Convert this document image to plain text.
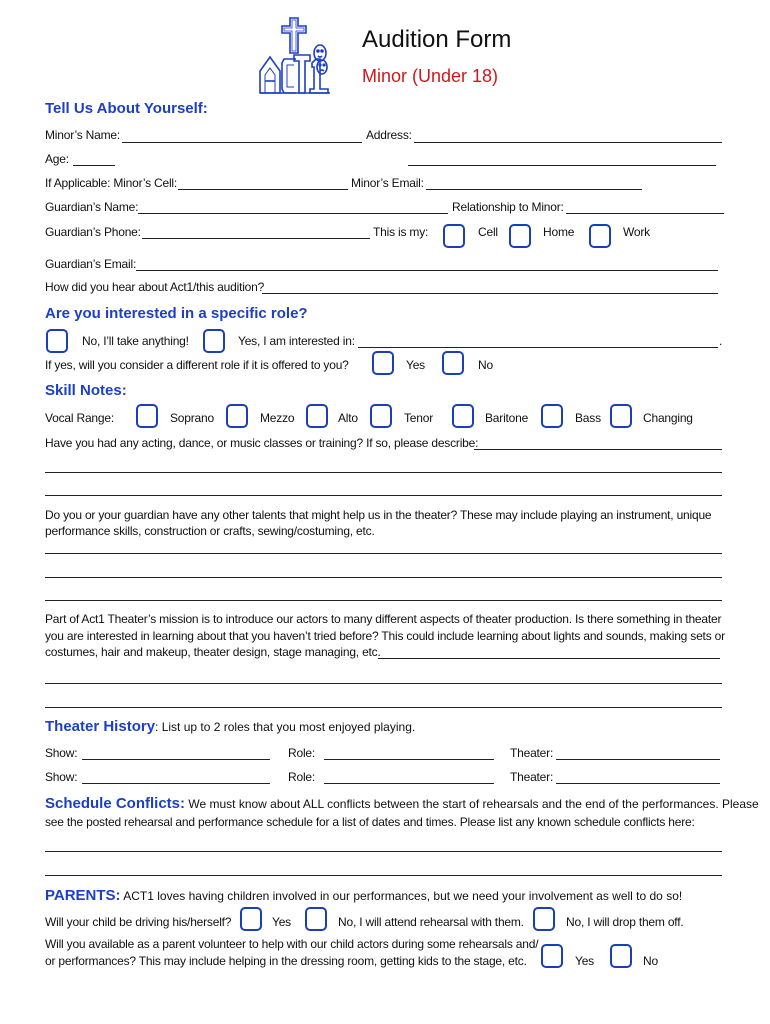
Audition Form
Minor (Under 18)
Tell Us About Yourself:
Minor’s Name:	Address:
Age:
If Applicable: Minor’s Cell:	Minor’s Email:
Guardian’s Name:	Relationship to Minor:
Guardian’s Phone:	This is my:	Cell	Home	Work
Guardian’s Email:
How did you hear about Act1/this audition?
Are you interested in a specific role?
No, I’ll take anything!	Yes, I am interested in:	.
If yes, will you consider a different role if it is offered to you?	Yes	No
Skill Notes:
Vocal Range:	Soprano	Mezzo	Alto	Tenor	Baritone	Bass	Changing
Have you had any acting, dance, or music classes or training? If so, please describe:
Do you or your guardian have any other talents that might help us in the theater? These may include playing an instrument, unique
performance skills, construction or crafts, sewing/costuming, etc.
Part of Act1 Theater’s mission is to introduce our actors to many different aspects of theater production. Is there something in theater
you are interested in learning about that you haven’t tried before? This could include learning about lights and sounds, making sets or
costumes, hair and makeup, theater design, stage managing, etc.
Theater History: List up to 2 roles that you most enjoyed playing.
Show:	Role:	Theater:
Show:	Role:	Theater:
Schedule Conflicts: We must know about ALL conflicts between the start of rehearsals and the end of the performances. Please
see the posted rehearsal and performance schedule for a list of dates and times. Please list any known schedule conflicts here:
PARENTS: ACT1 loves having children involved in our performances, but we need your involvement as well to do so!
Will your child be driving his/herself?	Yes	No, I will attend rehearsal with them.	No, I will drop them off.
Will you available as a parent volunteer to help with our child actors during some rehearsals and/
or performances? This may include helping in the dressing room, getting kids to the stage, etc.	Yes	No
